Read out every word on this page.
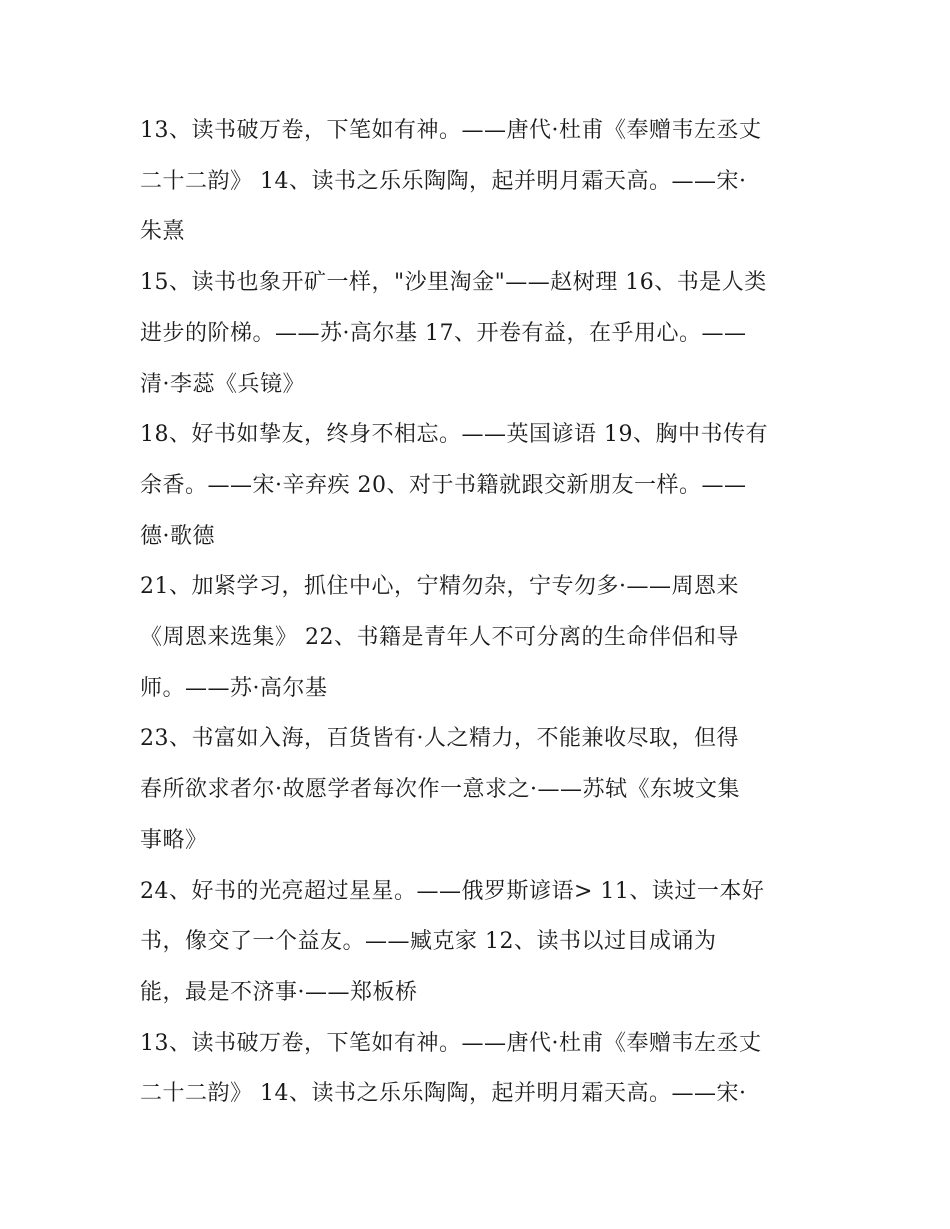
13、读书破万卷，下笔如有神。——唐代·杜甫《奉赠韦左丞丈
二十二韵》 14、读书之乐乐陶陶，起并明月霜天高。——宋·
朱熹

15、读书也象开矿一样，"沙里淘金"——赵树理 16、书是人类
进步的阶梯。——苏·高尔基 17、开卷有益，在乎用心。——
清·李蕊《兵镜》

18、好书如挚友，终身不相忘。——英国谚语 19、胸中书传有
余香。——宋·辛弃疾 20、对于书籍就跟交新朋友一样。——
德·歌德

21、加紧学习，抓住中心，宁精勿杂，宁专勿多·——周恩来
《周恩来选集》 22、书籍是青年人不可分离的生命伴侣和导
师。——苏·高尔基

23、书富如入海，百货皆有·人之精力，不能兼收尽取，但得
春所欲求者尔·故愿学者每次作一意求之·——苏轼《东坡文集
事略》

24、好书的光亮超过星星。——俄罗斯谚语> 11、读过一本好
书，像交了一个益友。——臧克家 12、读书以过目成诵为
能，最是不济事·——郑板桥

13、读书破万卷，下笔如有神。——唐代·杜甫《奉赠韦左丞丈
二十二韵》 14、读书之乐乐陶陶，起并明月霜天高。——宋·
